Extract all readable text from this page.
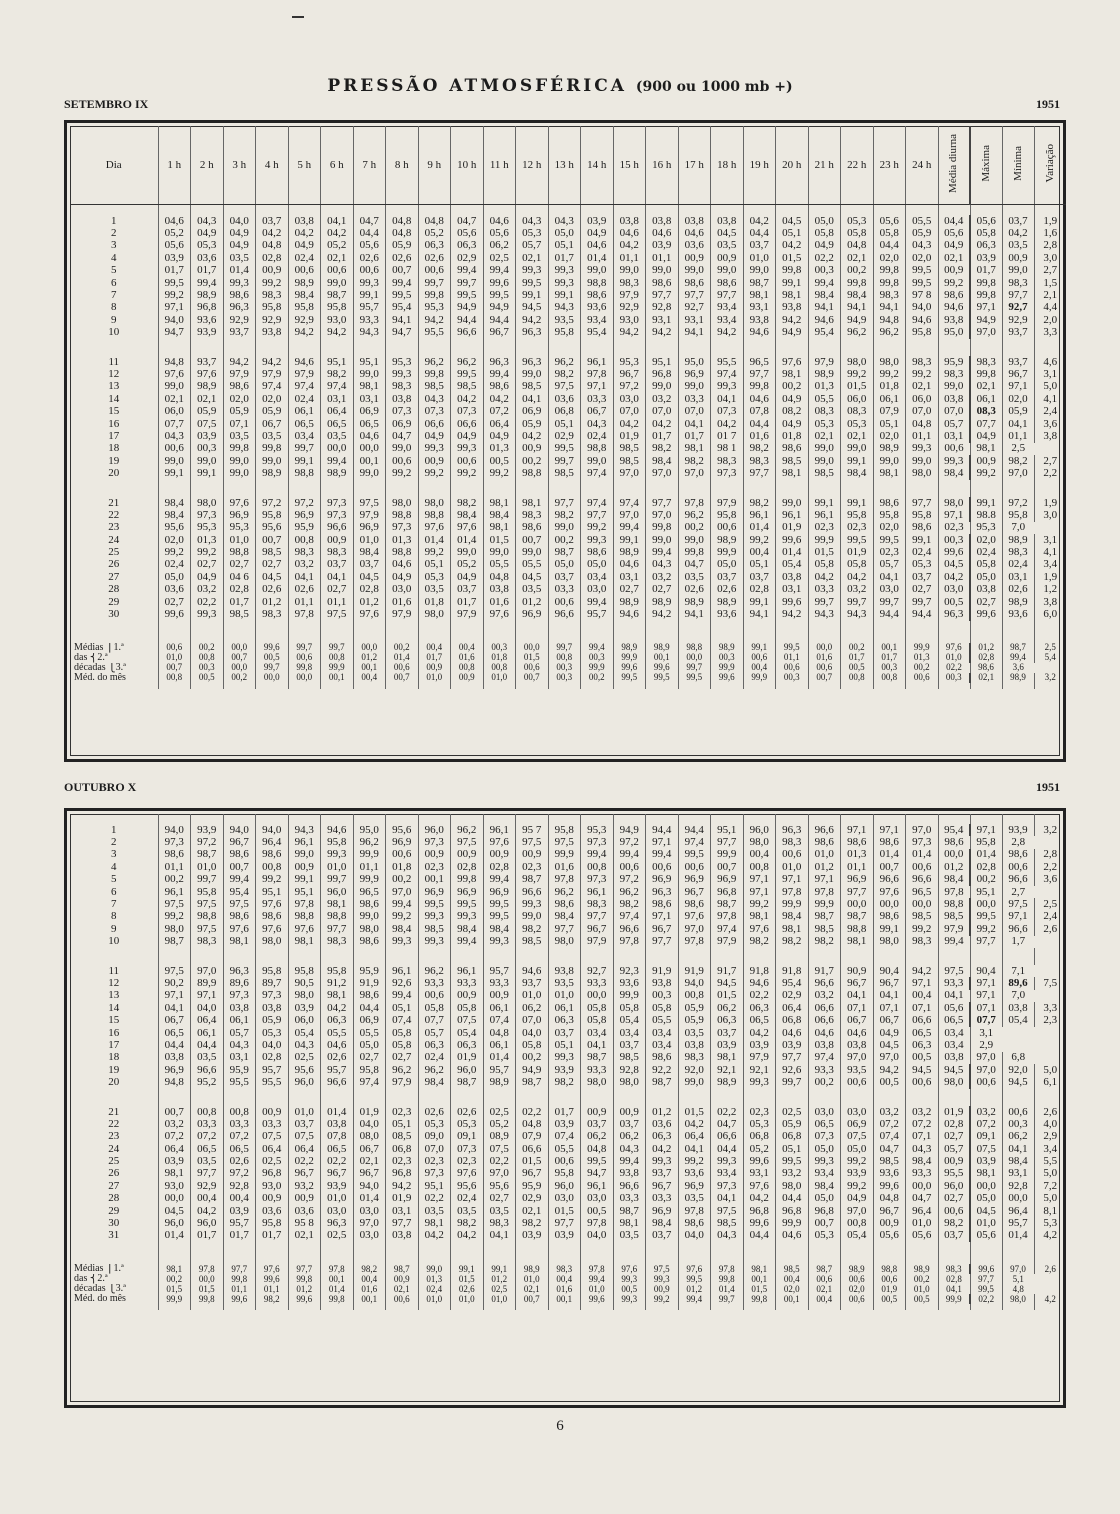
PRESSÃO ATMOSFÉRICA (900 ou 1000 mb +)
SETEMBRO IX	1951
Dia	1 h	2 h	3 h	4 h	5 h	6 h	7 h	8 h	9 h	10 h	11 h	12 h	13 h	14 h	15 h	16 h	17 h	18 h	19 h	20 h	21 h	22 h	23 h	24 h	Média diurna	Máxima	Mínima	Variação

1	04,6	04,3	04,0	03,7	03,8	04,1	04,7	04,8	04,8	04,7	04,6	04,3	04,3	03,9	03,8	03,8	03,8	03,8	04,2	04,5	05,0	05,3	05,6	05,5	04,4	05,6	03,7	1,9
2	05,2	04,9	04,9	04,2	04,2	04,2	04,4	04,8	05,2	05,6	05,6	05,3	05,0	04,9	04,6	04,6	04,6	04,5	04,4	05,1	05,8	05,8	05,8	05,9	05,6	05,8	04,2	1,6
3	05,6	05,3	04,9	04,8	04,9	05,2	05,6	05,9	06,3	06,3	06,2	05,7	05,1	04,6	04,2	03,9	03,6	03,5	03,7	04,2	04,9	04,8	04,4	04,3	04,9	06,3	03,5	2,8
4	03,9	03,6	03,5	02,8	02,4	02,1	02,6	02,6	02,6	02,9	02,5	02,1	01,7	01,4	01,1	01,1	00,9	00,9	01,0	01,5	02,2	02,1	02,0	02,0	02,1	03,9	00,9	3,0
5	01,7	01,7	01,4	00,9	00,6	00,6	00,6	00,7	00,6	99,4	99,4	99,3	99,3	99,0	99,0	99,0	99,0	99,0	99,0	99,8	00,3	00,2	99,8	99,5	00,9	01,7	99,0	2,7
6	99,5	99,4	99,3	99,2	98,9	99,0	99,3	99,4	99,7	99,7	99,6	99,5	99,3	98,8	98,3	98,6	98,6	98,6	98,7	99,1	99,4	99,8	99,8	99,5	99,2	99,8	98,3	1,5
7	99,2	98,9	98,6	98,3	98,4	98,7	99,1	99,5	99,8	99,5	99,5	99,1	99,1	98,6	97,9	97,7	97,7	97,7	98,1	98,1	98,4	98,4	98,3	97 8	98,6	99,8	97,7	2,1
8	97,1	96,8	96,3	95,8	95,8	95,8	95,7	95,4	95,3	94,9	94,9	94,5	94,3	93,6	92,9	92,8	92,7	93,4	93,1	93,8	94,1	94,1	94,1	94,0	94,6	97,1	92,7	4,4
9	94,0	93,6	92,9	92,9	92,9	93,0	93,3	94,1	94,2	94,4	94,4	94,2	93,5	93,4	93,0	93,1	93,1	93,4	93,8	94,2	94,6	94,9	94,8	94,6	93,8	94,9	92,9	2,0
10	94,7	93,9	93,7	93,8	94,2	94,2	94,3	94,7	95,5	96,6	96,7	96,3	95,8	95,4	94,2	94,2	94,1	94,2	94,6	94,9	95,4	96,2	96,2	95,8	95,0	97,0	93,7	3,3

11	94,8	93,7	94,2	94,2	94,6	95,1	95,1	95,3	96,2	96,2	96,3	96,3	96,2	96,1	95,3	95,1	95,0	95,5	96,5	97,6	97,9	98,0	98,0	98,3	95,9	98,3	93,7	4,6
12	97,6	97,6	97,9	97,9	97,9	98,2	99,0	99,3	99,8	99,5	99,4	99,0	98,2	97,8	96,7	96,8	96,9	97,4	97,7	98,1	98,9	99,2	99,2	99,2	98,3	99,8	96,7	3,1
13	99,0	98,9	98,6	97,4	97,4	97,4	98,1	98,3	98,5	98,5	98,6	98,5	97,5	97,1	97,2	99,0	99,0	99,3	99,8	00,2	01,3	01,5	01,8	02,1	99,0	02,1	97,1	5,0
14	02,1	02,1	02,0	02,0	02,4	03,1	03,1	03,8	04,3	04,2	04,2	04,1	03,6	03,3	03,0	03,2	03,3	04,1	04,6	04,9	05,5	06,0	06,1	06,0	03,8	06,1	02,0	4,1
15	06,0	05,9	05,9	05,9	06,1	06,4	06,9	07,3	07,3	07,3	07,2	06,9	06,8	06,7	07,0	07,0	07,0	07,3	07,8	08,2	08,3	08,3	07,9	07,0	07,0	08,3	05,9	2,4
16	07,7	07,5	07,1	06,7	06,5	06,5	06,5	06,9	06,6	06,6	06,4	05,9	05,1	04,3	04,2	04,2	04,1	04,2	04,4	04,9	05,3	05,3	05,1	04,8	05,7	07,7	04,1	3,6
17	04,3	03,9	03,5	03,5	03,4	03,5	04,6	04,7	04,9	04,9	04,9	04,2	02,9	02,4	01,9	01,7	01,7	01 7	01,6	01,8	02,1	02,1	02,0	01,1	03,1	04,9	01,1	3,8
18	00,6	00,3	99,8	99,8	99,7	00,0	00,0	99,0	99,3	99,3	01,3	00,9	99,5	98,8	98,5	98,2	98,1	98 1	98,2	98,6	99,0	99,0	98,9	99,3	00,6	98,1	2,5	
19	99,0	99,0	99,0	99,0	99,1	99,4	00,1	00,6	00,9	00,6	00,5	00,2	99,7	99,0	98,5	98,4	98,2	98,3	98,3	98,5	99,0	99,1	99,0	99,0	99,3	00,9	98,2	2,7
20	99,1	99,1	99,0	98,9	98,8	98,9	99,0	99,2	99,2	99,2	99,2	98,8	98,5	97,4	97,0	97,0	97,0	97,3	97,7	98,1	98,5	98,4	98,1	98,0	98,4	99,2	97,0	2,2

21	98,4	98,0	97,6	97,2	97,2	97,3	97,5	98,0	98,0	98,2	98,1	98,1	97,7	97,4	97,4	97,7	97,8	97,9	98,2	99,0	99,1	99,1	98,6	97,7	98,0	99,1	97,2	1,9
22	98,4	97,3	96,9	95,8	96,9	97,3	97,9	98,8	98,8	98,4	98,4	98,3	98,2	97,7	97,0	97,0	96,2	95,8	96,1	96,1	96,1	95,8	95,8	95,8	97,1	98.8	95,8	3,0
23	95,6	95,3	95,3	95,6	95,9	96,6	96,9	97,3	97,6	97,6	98,1	98,6	99,0	99,2	99,4	99,8	00,2	00,6	01,4	01,9	02,3	02,3	02,0	98,6	02,3	95,3	7,0	
24	02,0	01,3	01,0	00,7	00,8	00,9	01,0	01,3	01,4	01,4	01,5	00,7	00,2	99,3	99,1	99,0	99,0	98,9	99,2	99,6	99,9	99,5	99,5	99,1	00,3	02,0	98,9	3,1
25	99,2	99,2	98,8	98,5	98,3	98,3	98,4	98,8	99,2	99,0	99,0	99,0	98,7	98,6	98,9	99,4	99,8	99,9	00,4	01,4	01,5	01,9	02,3	02,4	99,6	02,4	98,3	4,1
26	02,4	02,7	02,7	02,7	03,2	03,7	03,7	04,6	05,1	05,2	05,5	05,5	05,0	05,0	04,6	04,3	04,7	05,0	05,1	05,4	05,8	05,8	05,7	05,3	04,5	05,8	02,4	3,4
27	05,0	04,9	04 6	04,5	04,1	04,1	04,5	04,9	05,3	04,9	04,8	04,5	03,7	03,4	03,1	03,2	03,5	03,7	03,7	03,8	04,2	04,2	04,1	03,7	04,2	05,0	03,1	1,9
28	03,6	03,2	02,8	02,6	02,6	02,7	02,8	03,0	03,5	03,7	03,8	03,5	03,3	03,0	02,7	02,7	02,6	02,6	02,8	03,1	03,3	03,2	03,0	02,7	03,0	03,8	02,6	1,2
29	02,7	02,2	01,7	01,2	01,1	01,1	01,2	01,6	01,8	01,7	01,6	01,2	00,6	99,4	98,9	98,9	98,9	98,9	99,1	99,6	99,7	99,7	99,7	99,7	00,5	02,7	98,9	3,8
30	99,6	99,3	98,5	98,3	97,8	97,5	97,6	97,9	98,0	97,9	97,6	96,9	96,6	95,7	94,6	94,2	94,1	93,6	94,1	94,2	94,3	94,3	94,4	94,4	96,3	99,6	93,6	6,0

Médias ⎧1.ª	00,6	00,2	00,0	99,6	99,7	99,7	00,0	00,2	00,4	00,4	00,3	00,0	99,7	99,4	98,9	98,9	98,8	98,9	99,1	99,5	00,0	00,2	00,1	99,9	97,6	01,2	98,7	2,5
das ⎨2.ª	01,0	00,8	00,7	00,5	00,6	00,8	01,2	01,4	01,7	01,6	01,8	01,5	00,8	00,3	99,9	00,1	00,0	00,3	00,6	01,1	01,6	01,7	01,7	01,3	01,0	02,8	99,4	5,4
décadas ⎩3.ª	00,7	00,3	00,0	99,7	99,8	99,9	00,1	00,6	00,9	00,8	00,8	00,6	00,3	99,9	99,6	99,6	99,7	99,9	00,4	00,6	00,6	00,5	00,3	00,2	02,2	98,6	3,6	
Méd. do mês	00,8	00,5	00,2	00,0	00,0	00,1	00,4	00,7	01,0	00,9	01,0	00,7	00,3	00,2	99,5	99,5	99,5	99,6	99,9	00,3	00,7	00,8	00,8	00,6	00,3	02,1	98,9	3,2

OUTUBRO X	1951

1	94,0	93,9	94,0	94,0	94,3	94,6	95,0	95,6	96,0	96,2	96,1	95 7	95,8	95,3	94,9	94,4	94,4	95,1	96,0	96,3	96,6	97,1	97,1	97,0	95,4	97,1	93,9	3,2
2	97,3	97,2	96,7	96,4	96,1	95,8	96,2	96,9	97,3	97,5	97,6	97,5	97,5	97,3	97,2	97,1	97,4	97,7	98,0	98,3	98,6	98,6	98,6	97,3	98,6	95,8	2,8	
3	98,6	98,7	98,6	98,6	99,0	99,3	99,9	00,6	00,9	00,9	00,9	00,9	99,9	99,4	99,4	99,4	99,5	99,9	00,4	00,6	01,0	01,3	01,4	01,4	00,0	01,4	98,6	2,8
4	01,1	01,0	00,7	00,8	00,9	01,0	01,1	01,8	02,3	02,8	02,8	02,3	01,6	00,8	00,6	00,6	00,6	00,7	00,8	01,0	01,2	01,1	00,7	00,6	01,2	02,8	00,6	2,2
5	00,2	99,7	99,4	99,2	99,1	99,7	99,9	00,2	00,1	99,8	99,4	98,7	97,8	97,3	97,2	96,9	96,9	96,9	97,1	97,1	97,1	96,9	96,6	96,6	98,4	00,2	96,6	3,6
6	96,1	95,8	95,4	95,1	95,1	96,0	96,5	97,0	96,9	96,9	96,9	96,6	96,2	96,1	96,2	96,3	96,7	96,8	97,1	97,8	97,8	97,7	97,6	96,5	97,8	95,1	2,7	
7	97,5	97,5	97,5	97,6	97,8	98,1	98,6	99,4	99,5	99,5	99,5	99,3	98,6	98,3	98,2	98,6	98,6	98,7	99,2	99,9	99,9	00,0	00,0	00,0	98,8	00,0	97,5	2,5
8	99,2	98,8	98,6	98,6	98,8	98,8	99,0	99,2	99,3	99,3	99,5	99,0	98,4	97,7	97,4	97,1	97,6	97,8	98,1	98,4	98,7	98,7	98,6	98,5	98,5	99,5	97,1	2,4
9	98,0	97,5	97,6	97,6	97,6	97,7	98,0	98,4	98,5	98,4	98,4	98,2	97,7	96,7	96,6	96,7	97,0	97,4	97,6	98,1	98,5	98,8	99,1	99,2	97,9	99,2	96,6	2,6
10	98,7	98,3	98,1	98,0	98,1	98,3	98,6	99,3	99,3	99,4	99,3	98,5	98,0	97,9	97,8	97,7	97,8	97,9	98,2	98,2	98,2	98,1	98,0	98,3	99,4	97,7	1,7	

11	97,5	97,0	96,3	95,8	95,8	95,8	95,9	96,1	96,2	96,1	95,7	94,6	93,8	92,7	92,3	91,9	91,9	91,7	91,8	91,8	91,7	90,9	90,4	94,2	97,5	90,4	7,1	
12	90,2	89,9	89,6	89,7	90,5	91,2	91,9	92,6	93,3	93,3	93,3	93,7	93,5	93,3	93,6	93,8	94,0	94,5	94,6	95,4	96,6	96,7	96,7	97,1	93,3	97,1	89,6	7,5
13	97,1	97,1	97,3	97,3	98,0	98,1	98,6	99,4	00,6	00,9	00,9	01,0	01,0	00,0	99,9	00,3	00,8	01,5	02,2	02,9	03,2	04,1	04,1	00,4	04,1	97,1	7,0	
14	04,1	04,0	03,8	03,8	03,9	04,2	04,4	05,1	05,8	05,8	06,1	06,2	06,1	05,8	05,8	05,8	05,9	06,2	06,3	06,4	06,6	07,1	07,1	07,1	05,6	07,1	03,8	3,3
15	06,7	06,4	06,1	05,9	06,0	06,3	06,9	07,4	07,7	07,5	07,4	07,0	06,3	05,8	05,4	05,5	05,9	06,3	06,5	06,8	06,6	06,7	06,7	06,6	06,5	07,7	05,4	2,3
16	06,5	06,1	05,7	05,3	05,4	05,5	05,5	05,8	05,7	05,4	04,8	04,0	03,7	03,4	03,4	03,4	03,5	03,7	04,2	04,6	04,6	04,6	04,9	06,5	03,4	3,1		
17	04,4	04,4	04,3	04,0	04,3	04,6	05,0	05,8	06,3	06,3	06,1	05,8	05,1	04,1	03,7	03,4	03,8	03,9	03,9	03,9	03,8	03,8	04,5	06,3	03,4	2,9		
18	03,8	03,5	03,1	02,8	02,5	02,6	02,7	02,7	02,4	01,9	01,4	00,2	99,3	98,7	98,5	98,6	98,3	98,1	97,9	97,7	97,4	97,0	97,0	00,5	03,8	97,0	6,8	
19	96,9	96,6	95,9	95,7	95,6	95,7	95,8	96,2	96,2	96,0	95,7	94,9	93,9	93,3	92,8	92,2	92,0	92,1	92,1	92,6	93,3	93,5	94,2	94,5	94,5	97,0	92,0	5,0
20	94,8	95,2	95,5	95,5	96,0	96,6	97,4	97,9	98,4	98,7	98,9	98,7	98,2	98,0	98,0	98,7	99,0	98,9	99,3	99,7	00,2	00,6	00,5	00,6	98,0	00,6	94,5	6,1

21	00,7	00,8	00,8	00,9	01,0	01,4	01,9	02,3	02,6	02,6	02,5	02,2	01,7	00,9	00,9	01,2	01,5	02,2	02,3	02,5	03,0	03,0	03,2	03,2	01,9	03,2	00,6	2,6
22	03,2	03,3	03,3	03,3	03,7	03,8	04,0	05,1	05,3	05,3	05,2	04,8	03,9	03,7	03,7	03,6	04,2	04,7	05,3	05,9	06,5	06,9	07,2	07,2	02,8	07,2	00,3	4,0
23	07,2	07,2	07,2	07,5	07,5	07,8	08,0	08,5	09,0	09,1	08,9	07,9	07,4	06,2	06,2	06,3	06,4	06,6	06,8	06,8	07,3	07,5	07,4	07,1	02,7	09,1	06,2	2,9
24	06,4	06,5	06,5	06,4	06,4	06,5	06,7	06,8	07,0	07,3	07,5	06,6	05,5	04,8	04,3	04,2	04,1	04,4	05,2	05,1	05,0	05,0	04,7	04,3	05,7	07,5	04,1	3,4
25	03,9	03,5	02,6	02,5	02,2	02,2	02,1	02,3	02,3	02,3	02,2	01,5	00,6	99,5	99,4	99,3	99,2	99,3	99,6	99,5	99,3	99,2	98,5	98,4	00,9	03,9	98,4	5,5
26	98,1	97,7	97,2	96,8	96,7	96,7	96,7	96,8	97,3	97,6	97,0	96,7	95,8	94,7	93,8	93,7	93,6	93,4	93,1	93,2	93,4	93,9	93,6	93,3	95,5	98,1	93,1	5,0
27	93,0	92,9	92,8	93,0	93,2	93,9	94,0	94,2	95,1	95,6	95,6	95,9	96,0	96,1	96,6	96,7	96,9	97,3	97,6	98,0	98,4	99,2	99,6	00,0	96,0	00,0	92,8	7,2
28	00,0	00,4	00,4	00,9	00,9	01,0	01,4	01,9	02,2	02,4	02,7	02,9	03,0	03,0	03,3	03,3	03,5	04,1	04,2	04,4	05,0	04,9	04,8	04,7	02,7	05,0	00,0	5,0
29	04,5	04,2	03,9	03,6	03,6	03,0	03,0	03,1	03,5	03,5	03,5	02,1	01,5	00,5	98,7	96,9	97,8	97,5	96,8	96,8	96,8	97,0	96,7	96,4	00,6	04,5	96,4	8,1
30	96,0	96,0	95,7	95,8	95 8	96,3	97,0	97,7	98,1	98,2	98,3	98,2	97,7	97,8	98,1	98,4	98,6	98,5	99,6	99,9	00,7	00,8	00,9	01,0	98,2	01,0	95,7	5,3
31	01,4	01,7	01,7	01,7	02,1	02,5	03,0	03,8	04,2	04,2	04,1	03,9	03,9	04,0	03,5	03,7	04,0	04,3	04,4	04,6	05,3	05,4	05,6	05,6	03,7	05,6	01,4	4,2

Médias ⎧1.ª	98,1	97,8	97,7	97,6	97,7	97,8	98,2	98,7	99,0	99,1	99,1	98,9	98,3	97,8	97,6	97,5	97,6	97,8	98,1	98,5	98,7	98,9	98,8	98,9	98,3	99,6	97,0	2,6
das ⎨2.ª	00,2	00,0	99,8	99,6	99,8	00,1	00,4	00,9	01,3	01,5	01,2	01,0	00,4	99,4	99,3	99,3	99,5	99,8	00,1	00,4	00,6	00,6	00,6	00,2	02,8	97,7	5,1	
décadas ⎩3.ª	01,5	01,5	01,1	01,1	01,2	01,4	01,6	02,1	02,4	02,6	02,5	02,1	01,6	01,0	00,5	00,9	01,2	01,4	01,5	02,0	02,1	02,0	01,9	01,0	04,1	99,5	4,8	
Méd. do mês	99,9	99,8	99,6	98,2	99,6	99,8	00,1	00,6	01,0	01,0	01,0	00,7	00,1	99,6	99,3	99,2	99,4	99,7	99,8	00,1	00,4	00,6	00,5	00,5	99,9	02,2	98,0	4,2

6
